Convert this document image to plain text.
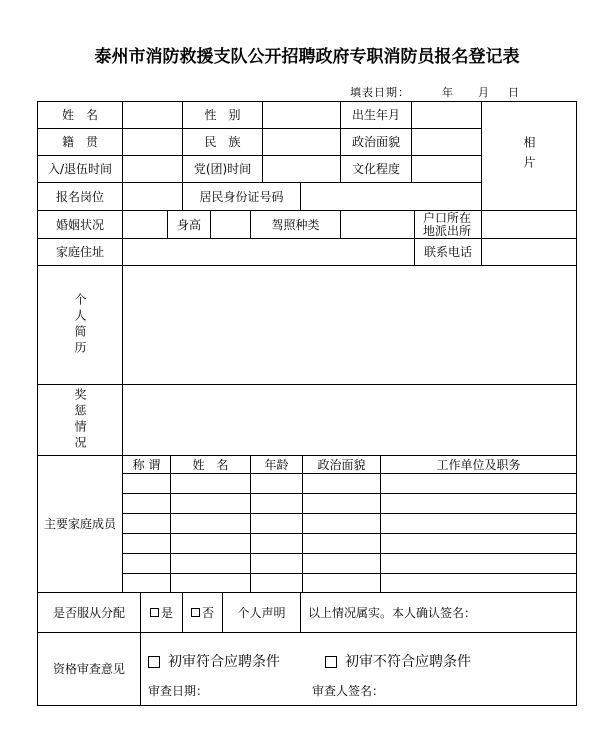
泰州市消防救援支队公开招聘政府专职消防员报名登记表
填表日期：	年 月 日
姓　名	性　别	出生年月
相片
籍　贯	民　族	政治面貌
入/退伍时间	党(团)时间	文化程度
报名岗位	居民身份证号码
婚姻状况	身高	驾照种类	户口所在地派出所
家庭住址	联系电话
个人简历
奖惩情况
主要家庭成员
称 谓	姓　名	年龄	政治面貌	工作单位及职务
是否服从分配	是 否	个人声明	以上情况属实。本人确认签名：
资格审查意见	初审符合应聘条件	初审不符合应聘条件
审查日期：	审查人签名：
